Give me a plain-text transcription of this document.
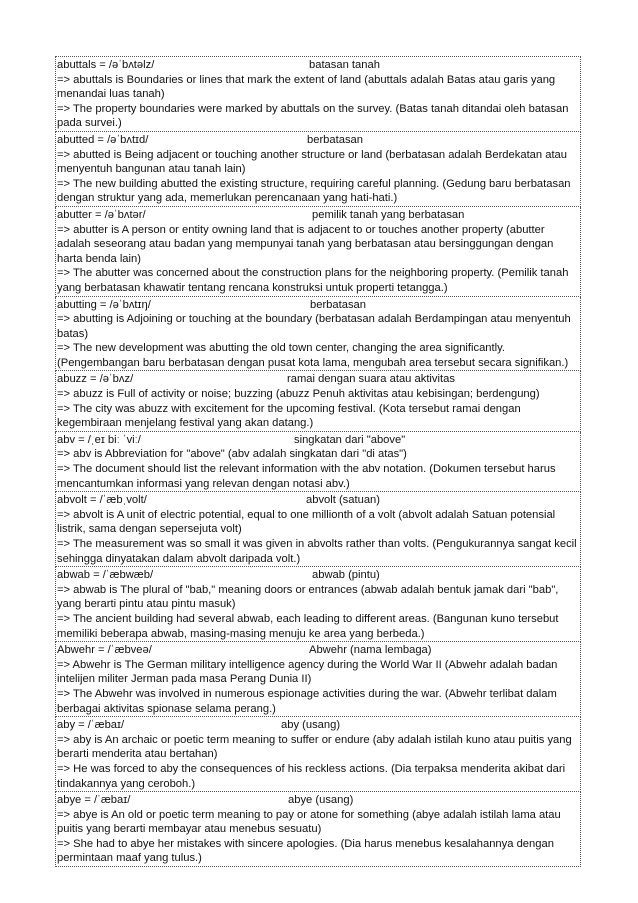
abuttals = /əˈbʌtəlz/	batasan tanah
=> abuttals is Boundaries or lines that mark the extent of land (abuttals adalah Batas atau garis yang menandai luas tanah)
=> The property boundaries were marked by abuttals on the survey. (Batas tanah ditandai oleh batasan pada survei.)
abutted = /əˈbʌtɪd/	berbatasan
=> abutted is Being adjacent or touching another structure or land (berbatasan adalah Berdekatan atau menyentuh bangunan atau tanah lain)
=> The new building abutted the existing structure, requiring careful planning. (Gedung baru berbatasan dengan struktur yang ada, memerlukan perencanaan yang hati-hati.)
abutter = /əˈbʌtər/	pemilik tanah yang berbatasan
=> abutter is A person or entity owning land that is adjacent to or touches another property (abutter adalah seseorang atau badan yang mempunyai tanah yang berbatasan atau bersinggungan dengan harta benda lain)
=> The abutter was concerned about the construction plans for the neighboring property. (Pemilik tanah yang berbatasan khawatir tentang rencana konstruksi untuk properti tetangga.)
abutting = /əˈbʌtɪŋ/	berbatasan
=> abutting is Adjoining or touching at the boundary (berbatasan adalah Berdampingan atau menyentuh batas)
=> The new development was abutting the old town center, changing the area significantly. (Pengembangan baru berbatasan dengan pusat kota lama, mengubah area tersebut secara signifikan.)
abuzz = /əˈbʌz/	ramai dengan suara atau aktivitas
=> abuzz is Full of activity or noise; buzzing (abuzz Penuh aktivitas atau kebisingan; berdengung)
=> The city was abuzz with excitement for the upcoming festival. (Kota tersebut ramai dengan kegembiraan menjelang festival yang akan datang.)
abv = /ˌeɪ biː ˈviː/	singkatan dari "above"
=> abv is Abbreviation for "above" (abv adalah singkatan dari "di atas")
=> The document should list the relevant information with the abv notation. (Dokumen tersebut harus mencantumkan informasi yang relevan dengan notasi abv.)
abvolt = /ˈæbˌvolt/	abvolt (satuan)
=> abvolt is A unit of electric potential, equal to one millionth of a volt (abvolt adalah Satuan potensial listrik, sama dengan sepersejuta volt)
=> The measurement was so small it was given in abvolts rather than volts. (Pengukurannya sangat kecil sehingga dinyatakan dalam abvolt daripada volt.)
abwab = /ˈæbwæb/	abwab (pintu)
=> abwab is The plural of "bab," meaning doors or entrances (abwab adalah bentuk jamak dari "bab", yang berarti pintu atau pintu masuk)
=> The ancient building had several abwab, each leading to different areas. (Bangunan kuno tersebut memiliki beberapa abwab, masing-masing menuju ke area yang berbeda.)
Abwehr = /ˈæbveə/	Abwehr (nama lembaga)
=> Abwehr is The German military intelligence agency during the World War II (Abwehr adalah badan intelijen militer Jerman pada masa Perang Dunia II)
=> The Abwehr was involved in numerous espionage activities during the war. (Abwehr terlibat dalam berbagai aktivitas spionase selama perang.)
aby = /ˈæbaɪ/	aby (usang)
=> aby is An archaic or poetic term meaning to suffer or endure (aby adalah istilah kuno atau puitis yang berarti menderita atau bertahan)
=> He was forced to aby the consequences of his reckless actions. (Dia terpaksa menderita akibat dari tindakannya yang ceroboh.)
abye = /ˈæbaɪ/	abye (usang)
=> abye is An old or poetic term meaning to pay or atone for something (abye adalah istilah lama atau puitis yang berarti membayar atau menebus sesuatu)
=> She had to abye her mistakes with sincere apologies. (Dia harus menebus kesalahannya dengan permintaan maaf yang tulus.)
